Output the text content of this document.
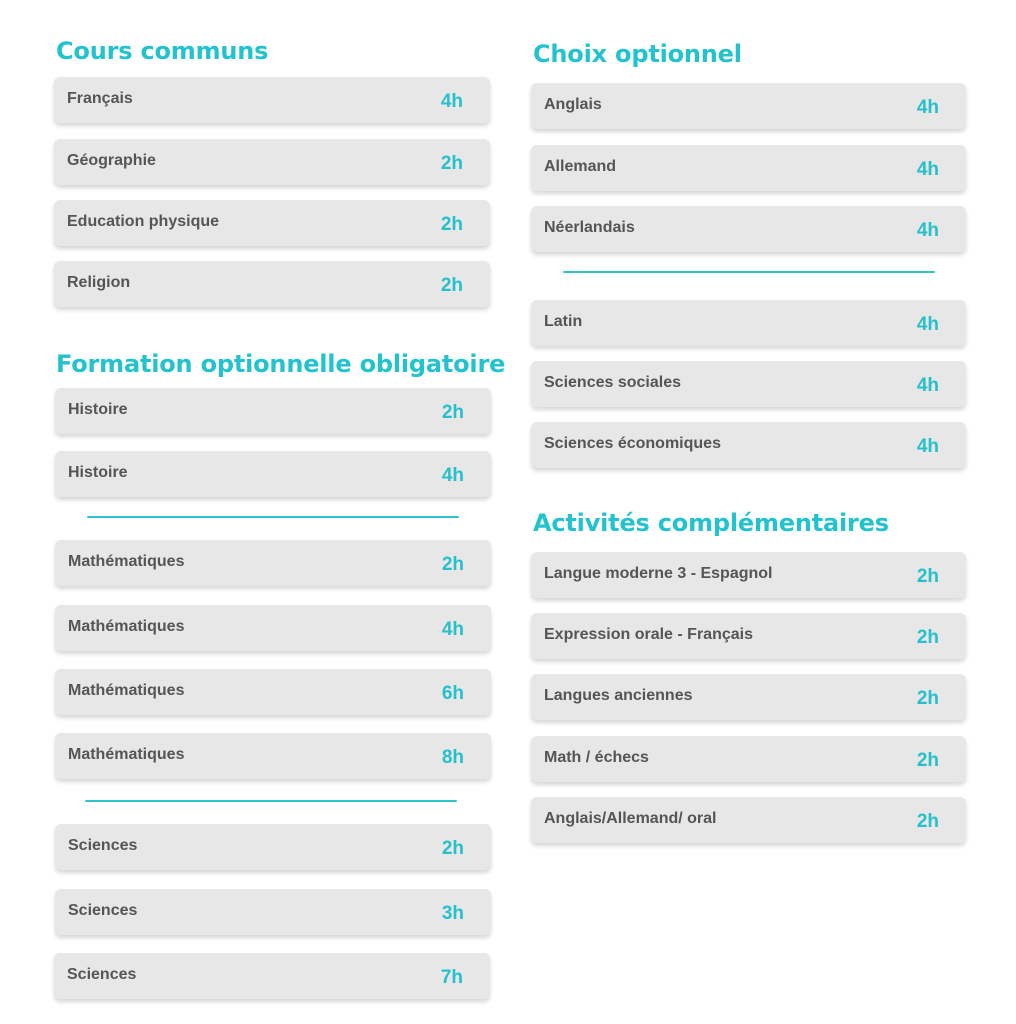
Cours communs
Français	4h
Géographie	2h
Education physique	2h
Religion	2h
Formation optionnelle obligatoire
Histoire	2h
Histoire	4h
Mathématiques	2h
Mathématiques	4h
Mathématiques	6h
Mathématiques	8h
Sciences	2h
Sciences	3h
Sciences	7h
Choix optionnel
Anglais	4h
Allemand	4h
Néerlandais	4h
Latin	4h
Sciences sociales	4h
Sciences économiques	4h
Activités complémentaires
Langue moderne 3 - Espagnol	2h
Expression orale - Français	2h
Langues anciennes	2h
Math / échecs	2h
Anglais/Allemand/ oral	2h
